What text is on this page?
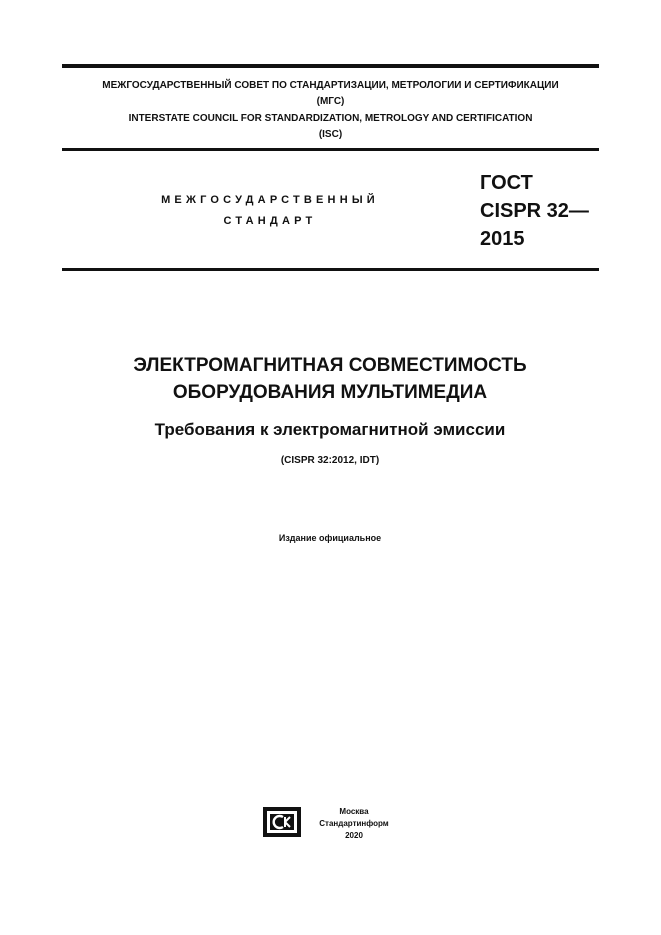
МЕЖГОСУДАРСТВЕННЫЙ СОВЕТ ПО СТАНДАРТИЗАЦИИ, МЕТРОЛОГИИ И СЕРТИФИКАЦИИ
(МГС)
INTERSTATE COUNCIL FOR STANDARDIZATION, METROLOGY AND CERTIFICATION
(ISC)
МЕЖГОСУДАРСТВЕННЫЙ
СТАНДАРТ
ГОСТ
CISPR 32—
2015
ЭЛЕКТРОМАГНИТНАЯ СОВМЕСТИМОСТЬ
ОБОРУДОВАНИЯ МУЛЬТИМЕДИА
Требования к электромагнитной эмиссии
(CISPR 32:2012, IDT)
Издание официальное
Москва
Стандартинформ
2020
